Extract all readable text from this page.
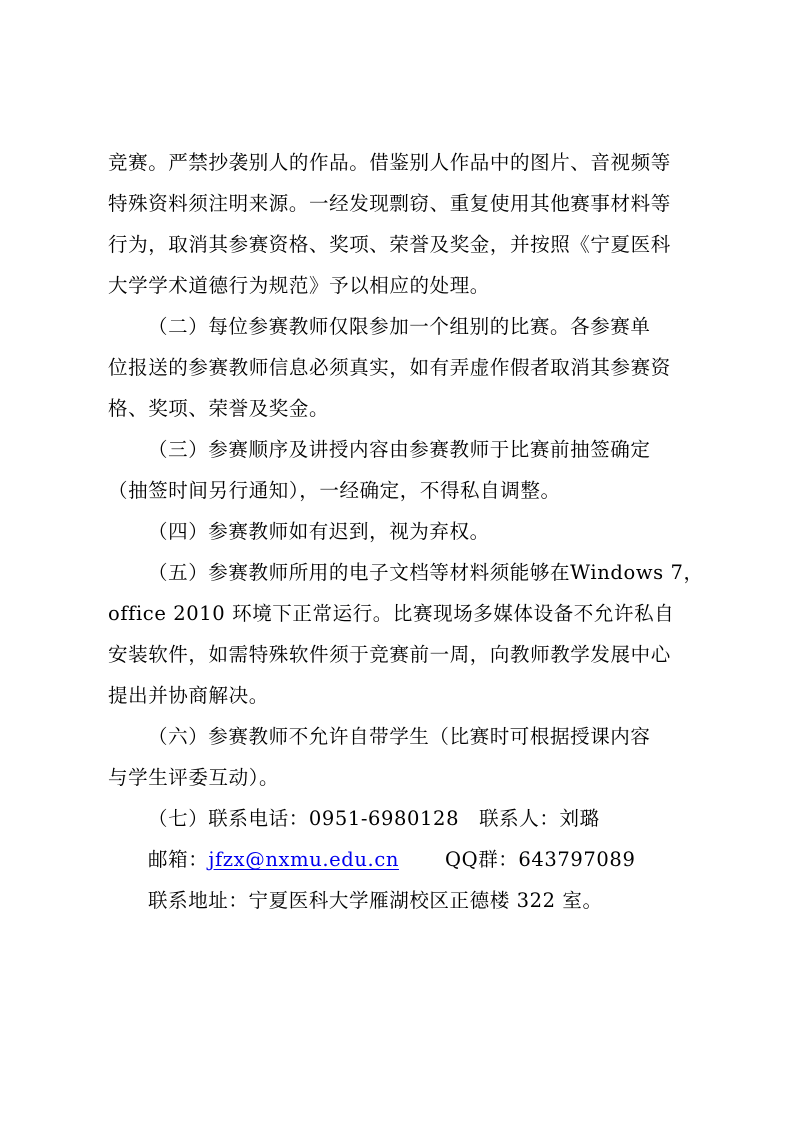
竞赛。严禁抄袭别人的作品。借鉴别人作品中的图片、音视频等
特殊资料须注明来源。一经发现剽窃、重复使用其他赛事材料等
行为，取消其参赛资格、奖项、荣誉及奖金，并按照《宁夏医科
大学学术道德行为规范》予以相应的处理。
（二）每位参赛教师仅限参加一个组别的比赛。各参赛单
位报送的参赛教师信息必须真实，如有弄虚作假者取消其参赛资
格、奖项、荣誉及奖金。
（三）参赛顺序及讲授内容由参赛教师于比赛前抽签确定
（抽签时间另行通知），一经确定，不得私自调整。
（四）参赛教师如有迟到，视为弃权。
（五）参赛教师所用的电子文档等材料须能够在Windows 7，
office 2010 环境下正常运行。比赛现场多媒体设备不允许私自
安装软件，如需特殊软件须于竞赛前一周，向教师教学发展中心
提出并协商解决。
（六）参赛教师不允许自带学生（比赛时可根据授课内容
与学生评委互动）。
（七）联系电话：0951-6980128 联系人：刘璐
邮箱：jfzx@nxmu.edu.cn QQ群：643797089
联系地址：宁夏医科大学雁湖校区正德楼 322 室。
